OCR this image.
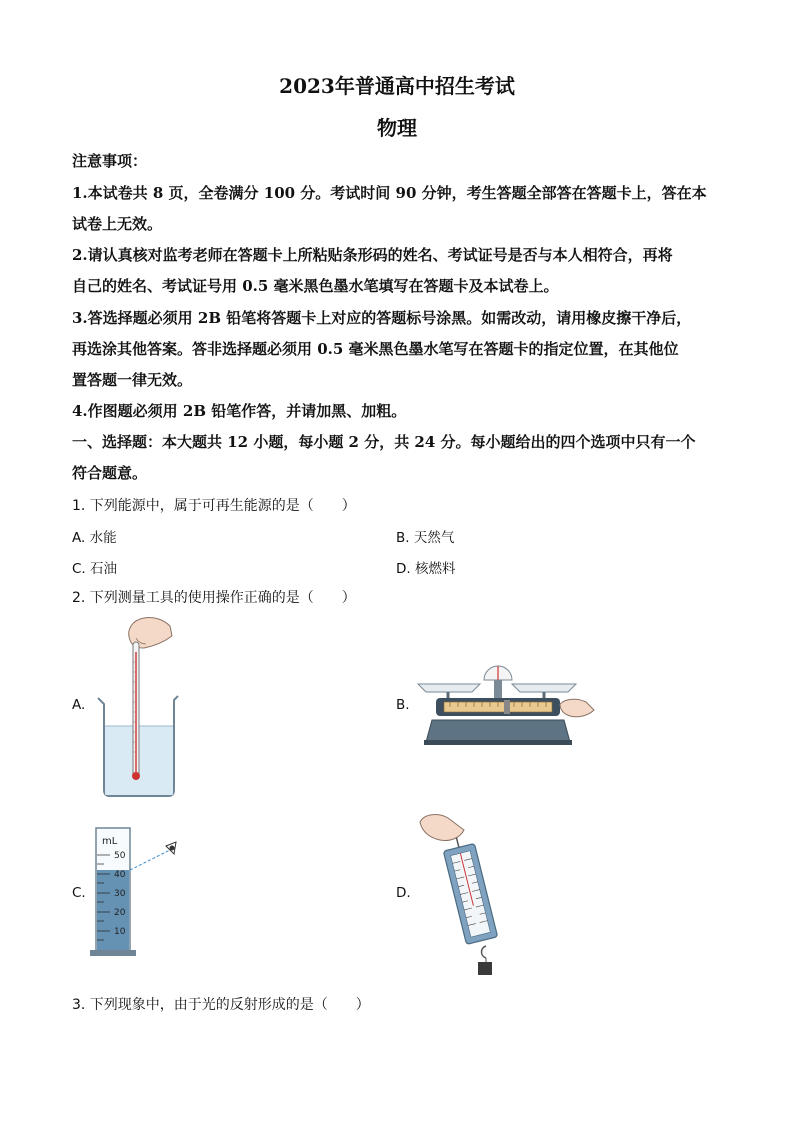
2023年普通高中招生考试
物理
注意事项：
1.本试卷共 8 页，全卷满分 100 分。考试时间 90 分钟，考生答题全部答在答题卡上，答在本
试卷上无效。
2.请认真核对监考老师在答题卡上所粘贴条形码的姓名、考试证号是否与本人相符合，再将
自己的姓名、考试证号用 0.5 毫米黑色墨水笔填写在答题卡及本试卷上。
3.答选择题必须用 2B 铅笔将答题卡上对应的答题标号涂黑。如需改动，请用橡皮擦干净后，
再选涂其他答案。答非选择题必须用 0.5 毫米黑色墨水笔写在答题卡的指定位置，在其他位
置答题一律无效。
4.作图题必须用 2B 铅笔作答，并请加黑、加粗。
一、选择题：本大题共 12 小题，每小题 2 分，共 24 分。每小题给出的四个选项中只有一个
符合题意。
1. 下列能源中，属于可再生能源的是（　　）
A. 水能	B. 天然气
C. 石油	D. 核燃料
2. 下列测量工具的使用操作正确的是（　　）
A.	B.
C.	D.
mL
50
40
30
20
10
3. 下列现象中，由于光的反射形成的是（　　）
